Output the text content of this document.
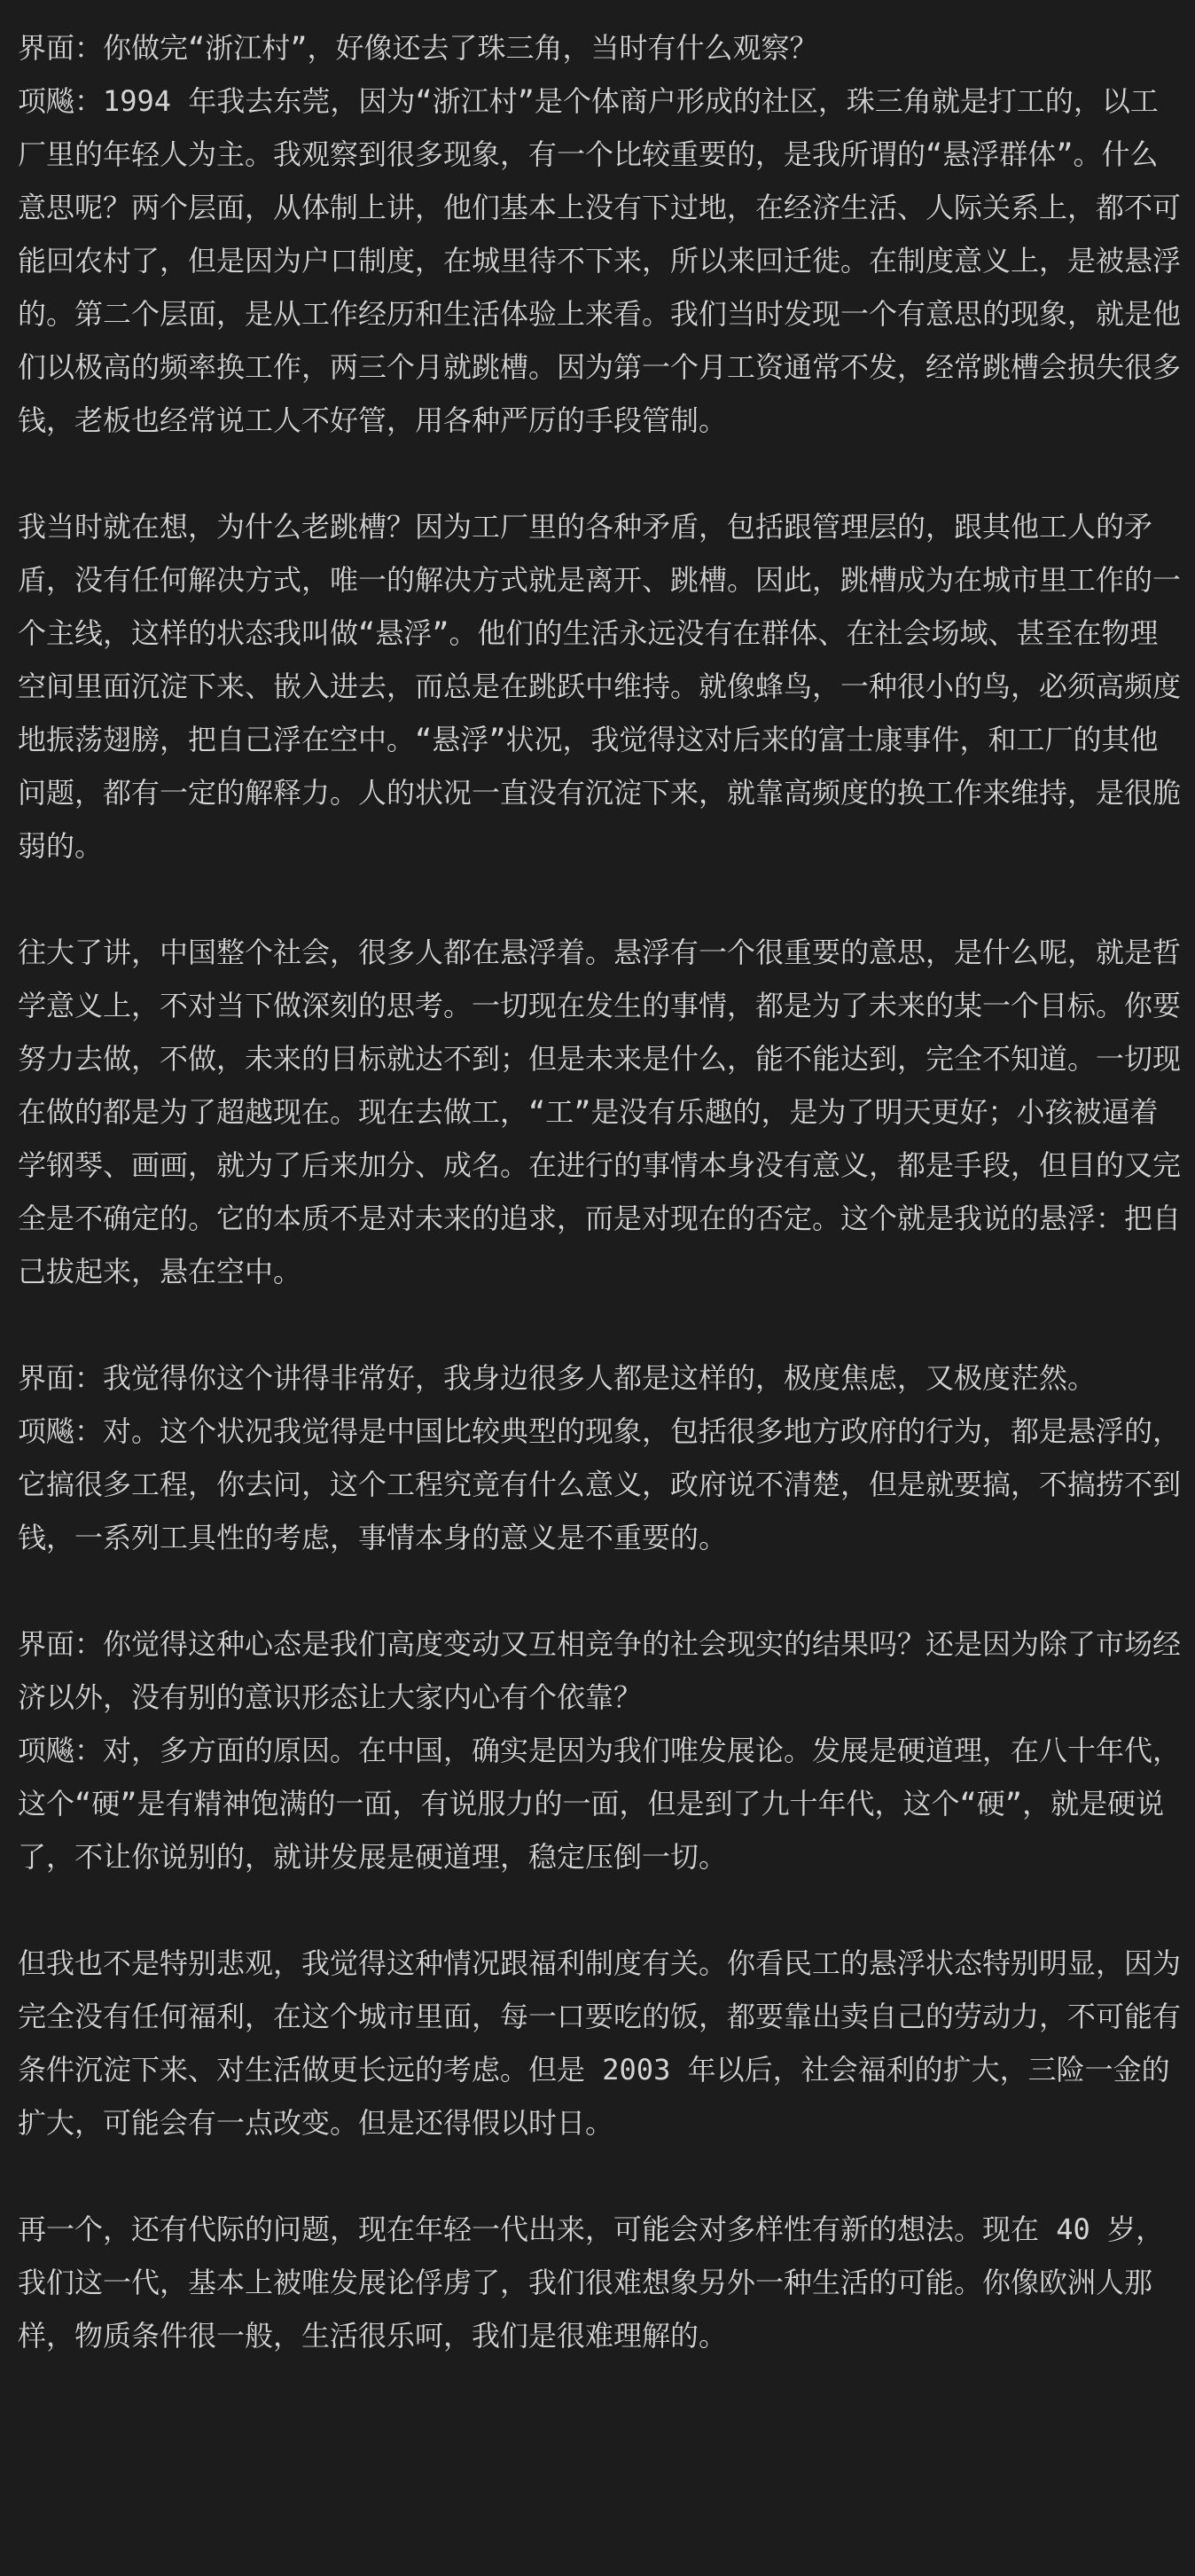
界面：你做完“浙江村”，好像还去了珠三角，当时有什么观察？
项飚：1994 年我去东莞，因为“浙江村”是个体商户形成的社区，珠三角就是打工的，以工
厂里的年轻人为主。我观察到很多现象，有一个比较重要的，是我所谓的“悬浮群体”。什么
意思呢？两个层面，从体制上讲，他们基本上没有下过地，在经济生活、人际关系上，都不可
能回农村了，但是因为户口制度，在城里待不下来，所以来回迁徙。在制度意义上，是被悬浮
的。第二个层面，是从工作经历和生活体验上来看。我们当时发现一个有意思的现象，就是他
们以极高的频率换工作，两三个月就跳槽。因为第一个月工资通常不发，经常跳槽会损失很多
钱，老板也经常说工人不好管，用各种严厉的手段管制。
我当时就在想，为什么老跳槽？因为工厂里的各种矛盾，包括跟管理层的，跟其他工人的矛
盾，没有任何解决方式，唯一的解决方式就是离开、跳槽。因此，跳槽成为在城市里工作的一
个主线，这样的状态我叫做“悬浮”。他们的生活永远没有在群体、在社会场域、甚至在物理
空间里面沉淀下来、嵌入进去，而总是在跳跃中维持。就像蜂鸟，一种很小的鸟，必须高频度
地振荡翅膀，把自己浮在空中。“悬浮”状况，我觉得这对后来的富士康事件，和工厂的其他
问题，都有一定的解释力。人的状况一直没有沉淀下来，就靠高频度的换工作来维持，是很脆
弱的。
往大了讲，中国整个社会，很多人都在悬浮着。悬浮有一个很重要的意思，是什么呢，就是哲
学意义上，不对当下做深刻的思考。一切现在发生的事情，都是为了未来的某一个目标。你要
努力去做，不做，未来的目标就达不到；但是未来是什么，能不能达到，完全不知道。一切现
在做的都是为了超越现在。现在去做工，“工”是没有乐趣的，是为了明天更好；小孩被逼着
学钢琴、画画，就为了后来加分、成名。在进行的事情本身没有意义，都是手段，但目的又完
全是不确定的。它的本质不是对未来的追求，而是对现在的否定。这个就是我说的悬浮：把自
己拔起来，悬在空中。
界面：我觉得你这个讲得非常好，我身边很多人都是这样的，极度焦虑，又极度茫然。
项飚：对。这个状况我觉得是中国比较典型的现象，包括很多地方政府的行为，都是悬浮的，
它搞很多工程，你去问，这个工程究竟有什么意义，政府说不清楚，但是就要搞，不搞捞不到
钱，一系列工具性的考虑，事情本身的意义是不重要的。
界面：你觉得这种心态是我们高度变动又互相竞争的社会现实的结果吗？还是因为除了市场经
济以外，没有别的意识形态让大家内心有个依靠？
项飚：对，多方面的原因。在中国，确实是因为我们唯发展论。发展是硬道理，在八十年代，
这个“硬”是有精神饱满的一面，有说服力的一面，但是到了九十年代，这个“硬”，就是硬说
了，不让你说别的，就讲发展是硬道理，稳定压倒一切。
但我也不是特别悲观，我觉得这种情况跟福利制度有关。你看民工的悬浮状态特别明显，因为
完全没有任何福利，在这个城市里面，每一口要吃的饭，都要靠出卖自己的劳动力，不可能有
条件沉淀下来、对生活做更长远的考虑。但是 2003 年以后，社会福利的扩大，三险一金的
扩大，可能会有一点改变。但是还得假以时日。
再一个，还有代际的问题，现在年轻一代出来，可能会对多样性有新的想法。现在 40 岁，
我们这一代，基本上被唯发展论俘虏了，我们很难想象另外一种生活的可能。你像欧洲人那
样，物质条件很一般，生活很乐呵，我们是很难理解的。
